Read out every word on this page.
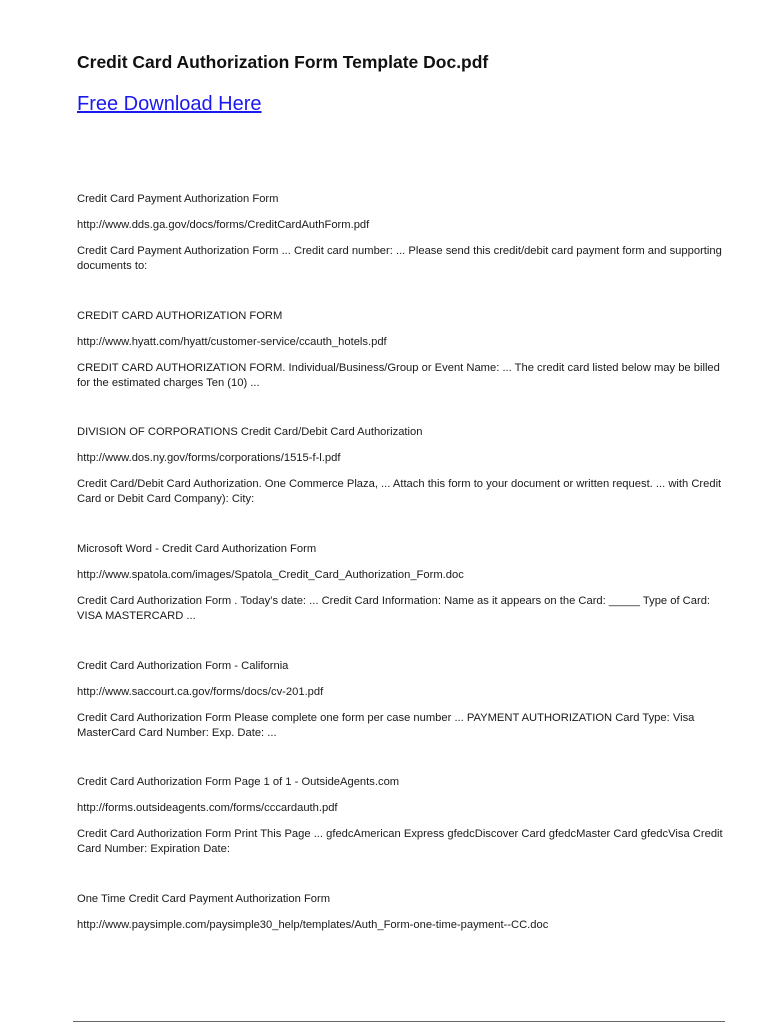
Credit Card Authorization Form Template Doc.pdf
Free Download Here

Credit Card Payment Authorization Form

http://www.dds.ga.gov/docs/forms/CreditCardAuthForm.pdf

Credit Card Payment Authorization Form ... Credit card number: ... Please send this credit/debit card payment form and supporting documents to:

CREDIT CARD AUTHORIZATION FORM

http://www.hyatt.com/hyatt/customer-service/ccauth_hotels.pdf

CREDIT CARD AUTHORIZATION FORM. Individual/Business/Group or Event Name: ... The credit card listed below may be billed for the estimated charges Ten (10) ...

DIVISION OF CORPORATIONS Credit Card/Debit Card Authorization

http://www.dos.ny.gov/forms/corporations/1515-f-l.pdf

Credit Card/Debit Card Authorization. One Commerce Plaza, ... Attach this form to your document or written request. ... with Credit Card or Debit Card Company): City:

Microsoft Word - Credit Card Authorization Form

http://www.spatola.com/images/Spatola_Credit_Card_Authorization_Form.doc

Credit Card Authorization Form . Today’s date: ... Credit Card Information: Name as it appears on the Card: _____ Type of Card: VISA MASTERCARD ...

Credit Card Authorization Form - California

http://www.saccourt.ca.gov/forms/docs/cv-201.pdf

Credit Card Authorization Form Please complete one form per case number ... PAYMENT AUTHORIZATION Card Type: Visa MasterCard Card Number: Exp. Date: ...

Credit Card Authorization Form Page 1 of 1 - OutsideAgents.com

http://forms.outsideagents.com/forms/cccardauth.pdf

Credit Card Authorization Form Print This Page ... gfedcAmerican Express gfedcDiscover Card gfedcMaster Card gfedcVisa Credit Card Number: Expiration Date:

One Time Credit Card Payment Authorization Form

http://www.paysimple.com/paysimple30_help/templates/Auth_Form-one-time-payment--CC.doc
